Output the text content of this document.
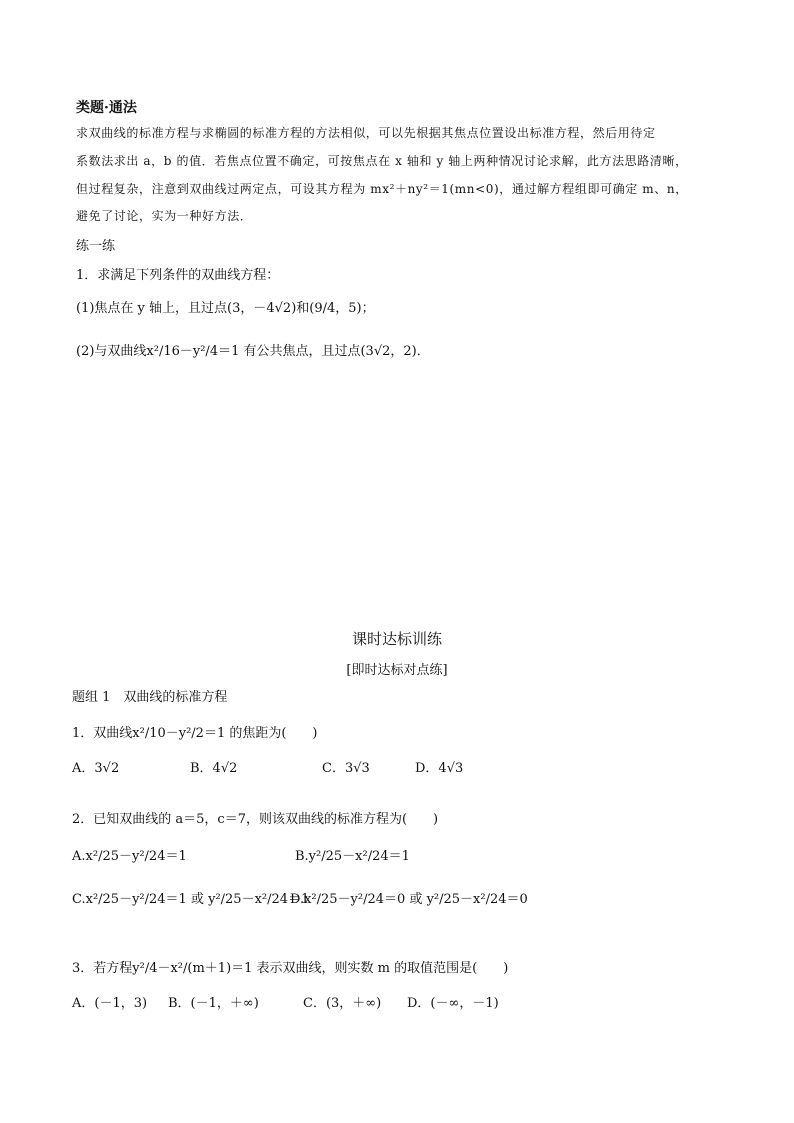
类题·通法
求双曲线的标准方程与求椭圆的标准方程的方法相似，可以先根据其焦点位置设出标准方程，然后用待定
系数法求出 a，b 的值．若焦点位置不确定，可按焦点在 x 轴和 y 轴上两种情况讨论求解，此方法思路清晰，
但过程复杂，注意到双曲线过两定点，可设其方程为 mx²＋ny²＝1(mn<0)，通过解方程组即可确定 m、n，
避免了讨论，实为一种好方法．
练一练
1．求满足下列条件的双曲线方程：
(1)焦点在 y 轴上，且过点(3，－4√2)和(9/4，5)；
(2)与双曲线x²/16－y²/4＝1 有公共焦点，且过点(3√2，2)．
课时达标训练
[即时达标对点练]
题组 1　双曲线的标准方程
1．双曲线x²/10－y²/2＝1 的焦距为(　　)
A．3√2	B．4√2	C．3√3	D．4√3
2．已知双曲线的 a＝5，c＝7，则该双曲线的标准方程为(　　)
A.x²/25－y²/24＝1	B.y²/25－x²/24＝1
C.x²/25－y²/24＝1 或 y²/25－x²/24＝1
D.x²/25－y²/24＝0 或 y²/25－x²/24＝0
3．若方程y²/4－x²/(m＋1)＝1 表示双曲线，则实数 m 的取值范围是(　　)
A．(－1，3) B．(－1，＋∞)	C．(3，＋∞) D．(－∞，－1)
